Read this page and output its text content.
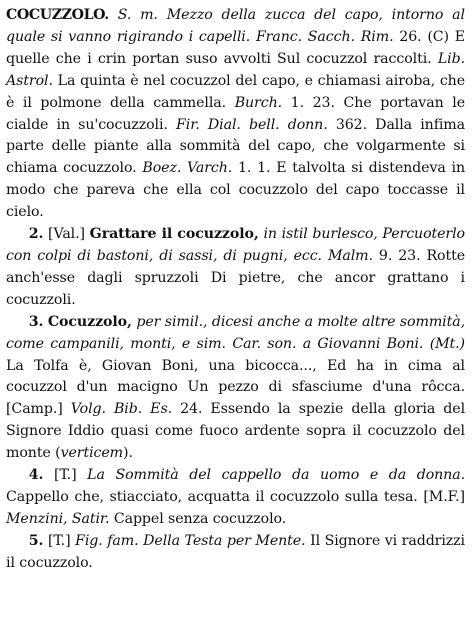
COCUZZOLO. S. m. Mezzo della zucca del capo, intorno al quale si vanno rigirando i capelli. Franc. Sacch. Rim. 26. (C) E quelle che i crin portan suso avvolti Sul cocuzzol raccolti. Lib. Astrol. La quinta è nel cocuzzol del capo, e chiamasi airoba, che è il polmone della cammella. Burch. 1. 23. Che portavan le cialde in su'cocuzzoli. Fir. Dial. bell. donn. 362. Dalla infima parte delle piante alla sommità del capo, che volgarmente si chiama cocuzzolo. Boez. Varch. 1. 1. E talvolta si distendeva in modo che pareva che ella col cocuzzolo del capo toccasse il cielo.

2. [Val.] Grattare il cocuzzolo, in istil burlesco, Percuoterlo con colpi di bastoni, di sassi, di pugni, ecc. Malm. 9. 23. Rotte anch'esse dagli spruzzoli Di pietre, che ancor grattano i cocuzzoli.

3. Cocuzzolo, per simil., dicesi anche a molte altre sommità, come campanili, monti, e sim. Car. son. a Giovanni Boni. (Mt.) La Tolfa è, Giovan Boni, una bicocca..., Ed ha in cima al cocuzzol d'un macigno Un pezzo di sfasciume d'una rôcca. [Camp.] Volg. Bib. Es. 24. Essendo la spezie della gloria del Signore Iddio quasi come fuoco ardente sopra il cocuzzolo del monte (verticem).

4. [T.] La Sommità del cappello da uomo e da donna. Cappello che, stiacciato, acquatta il cocuzzolo sulla tesa. [M.F.] Menzini, Satir. Cappel senza cocuzzolo.

5. [T.] Fig. fam. Della Testa per Mente. Il Signore vi raddrizzi il cocuzzolo.
